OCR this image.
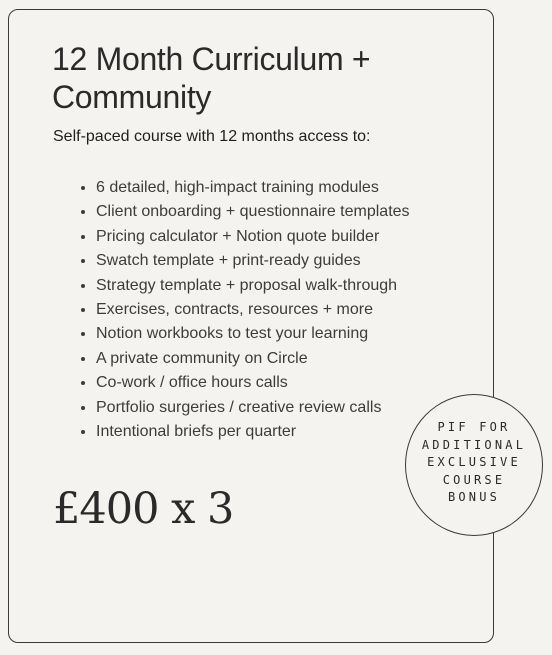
12 Month Curriculum + Community

Self-paced course with 12 months access to:

• 6 detailed, high-impact training modules
• Client onboarding + questionnaire templates
• Pricing calculator + Notion quote builder
• Swatch template + print-ready guides
• Strategy template + proposal walk-through
• Exercises, contracts, resources + more
• Notion workbooks to test your learning
• A private community on Circle
• Co-work / office hours calls
• Portfolio surgeries / creative review calls
• Intentional briefs per quarter

£400 x 3

PIF FOR
ADDITIONAL
EXCLUSIVE
COURSE
BONUS
